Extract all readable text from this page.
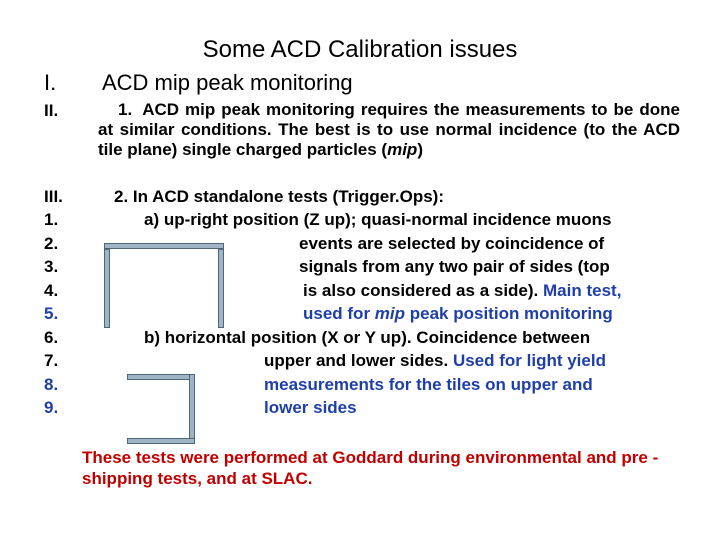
Some ACD Calibration issues
I. ACD mip peak monitoring
II.	1. ACD mip peak monitoring requires the measurements to be done at similar conditions. The best is to use normal incidence (to the ACD tile plane) single charged particles (mip)
III.
1.
2.
3.
4.
5.
6.
7.
8.
9.
2. In ACD standalone tests (Trigger.Ops):
a) up-right position (Z up); quasi-normal incidence muons
events are selected by coincidence of
signals from any two pair of sides (top
is also considered as a side). Main test,
used for mip peak position monitoring
b) horizontal position (X or Y up). Coincidence between
upper and lower sides. Used for light yield
measurements for the tiles on upper and
lower sides
These tests were performed at Goddard during environmental and pre -shipping tests, and at SLAC.
